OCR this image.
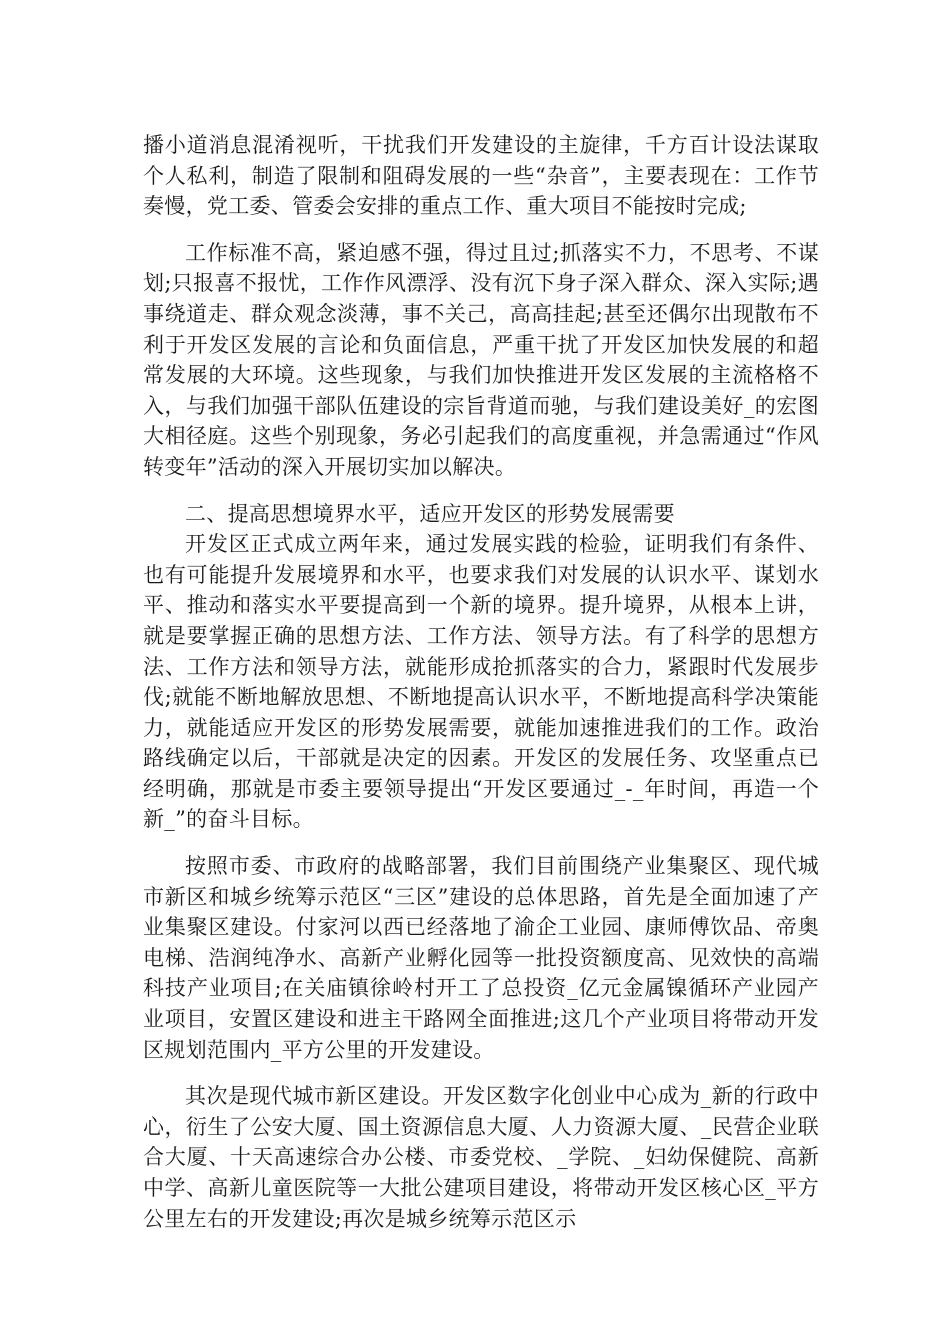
播小道消息混淆视听，干扰我们开发建设的主旋律，千方百计设法谋取个人私利，制造了限制和阻碍发展的一些“杂音”，主要表现在：工作节奏慢，党工委、管委会安排的重点工作、重大项目不能按时完成;

工作标准不高，紧迫感不强，得过且过;抓落实不力，不思考、不谋划;只报喜不报忧，工作作风漂浮、没有沉下身子深入群众、深入实际;遇事绕道走、群众观念淡薄，事不关己，高高挂起;甚至还偶尔出现散布不利于开发区发展的言论和负面信息，严重干扰了开发区加快发展的和超常发展的大环境。这些现象，与我们加快推进开发区发展的主流格格不入，与我们加强干部队伍建设的宗旨背道而驰，与我们建设美好_的宏图大相径庭。这些个别现象，务必引起我们的高度重视，并急需通过“作风转变年”活动的深入开展切实加以解决。

二、提高思想境界水平，适应开发区的形势发展需要

开发区正式成立两年来，通过发展实践的检验，证明我们有条件、也有可能提升发展境界和水平，也要求我们对发展的认识水平、谋划水平、推动和落实水平要提高到一个新的境界。提升境界，从根本上讲，就是要掌握正确的思想方法、工作方法、领导方法。有了科学的思想方法、工作方法和领导方法，就能形成抢抓落实的合力，紧跟时代发展步伐;就能不断地解放思想、不断地提高认识水平，不断地提高科学决策能力，就能适应开发区的形势发展需要，就能加速推进我们的工作。政治路线确定以后，干部就是决定的因素。开发区的发展任务、攻坚重点已经明确，那就是市委主要领导提出“开发区要通过_-_年时间，再造一个新_”的奋斗目标。

按照市委、市政府的战略部署，我们目前围绕产业集聚区、现代城市新区和城乡统筹示范区“三区”建设的总体思路，首先是全面加速了产业集聚区建设。付家河以西已经落地了渝企工业园、康师傅饮品、帝奥电梯、浩润纯净水、高新产业孵化园等一批投资额度高、见效快的高端科技产业项目;在关庙镇徐岭村开工了总投资_亿元金属镍循环产业园产业项目，安置区建设和进主干路网全面推进;这几个产业项目将带动开发区规划范围内_平方公里的开发建设。

其次是现代城市新区建设。开发区数字化创业中心成为_新的行政中心，衍生了公安大厦、国土资源信息大厦、人力资源大厦、_民营企业联合大厦、十天高速综合办公楼、市委党校、_学院、_妇幼保健院、高新中学、高新儿童医院等一大批公建项目建设，将带动开发区核心区_平方公里左右的开发建设;再次是城乡统筹示范区示
